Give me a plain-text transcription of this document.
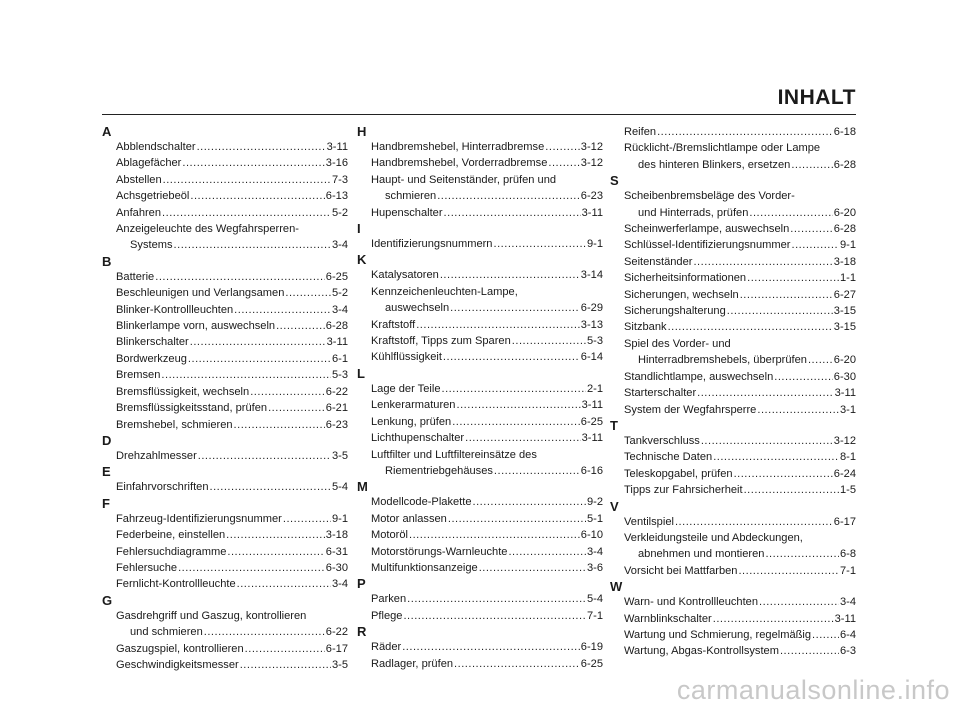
INHALT
A
Abblendschalter .....	3-11
Ablagefächer .....	3-16
Abstellen .....	7-3
Achsgetriebeöl .....	6-13
Anfahren .....	5-2
Anzeigeleuchte des Wegfahrsperren-
Systems .....	3-4
B
Batterie .....	6-25
Beschleunigen und Verlangsamen .....	5-2
Blinker-Kontrollleuchten .....	3-4
Blinkerlampe vorn, auswechseln .....	6-28
Blinkerschalter .....	3-11
Bordwerkzeug .....	6-1
Bremsen .....	5-3
Bremsflüssigkeit, wechseln .....	6-22
Bremsflüssigkeitsstand, prüfen .....	6-21
Bremshebel, schmieren .....	6-23
D
Drehzahlmesser .....	3-5
E
Einfahrvorschriften .....	5-4
F
Fahrzeug-Identifizierungsnummer .....	9-1
Federbeine, einstellen .....	3-18
Fehlersuchdiagramme .....	6-31
Fehlersuche .....	6-30
Fernlicht-Kontrollleuchte .....	3-4
G
Gasdrehgriff und Gaszug, kontrollieren
und schmieren .....	6-22
Gaszugspiel, kontrollieren .....	6-17
Geschwindigkeitsmesser .....	3-5
H
Handbremshebel, Hinterradbremse .....	3-12
Handbremshebel, Vorderradbremse .....	3-12
Haupt- und Seitenständer, prüfen und
schmieren .....	6-23
Hupenschalter .....	3-11
I
Identifizierungsnummern .....	9-1
K
Katalysatoren .....	3-14
Kennzeichenleuchten-Lampe,
auswechseln .....	6-29
Kraftstoff .....	3-13
Kraftstoff, Tipps zum Sparen .....	5-3
Kühlflüssigkeit .....	6-14
L
Lage der Teile .....	2-1
Lenkerarmaturen .....	3-11
Lenkung, prüfen .....	6-25
Lichthupenschalter .....	3-11
Luftfilter und Luftfiltereinsätze des
Riementriebgehäuses .....	6-16
M
Modellcode-Plakette .....	9-2
Motor anlassen .....	5-1
Motoröl .....	6-10
Motorstörungs-Warnleuchte .....	3-4
Multifunktionsanzeige .....	3-6
P
Parken .....	5-4
Pflege .....	7-1
R
Räder .....	6-19
Radlager, prüfen .....	6-25
Reifen .....	6-18
Rücklicht-/Bremslichtlampe oder Lampe
des hinteren Blinkers, ersetzen .....	6-28
S
Scheibenbremsbeläge des Vorder-
und Hinterrads, prüfen .....	6-20
Scheinwerferlampe, auswechseln .....	6-28
Schlüssel-Identifizierungsnummer .....	9-1
Seitenständer .....	3-18
Sicherheitsinformationen .....	1-1
Sicherungen, wechseln .....	6-27
Sicherungshalterung .....	3-15
Sitzbank .....	3-15
Spiel des Vorder- und
Hinterradbremshebels, überprüfen ..... 6-20
Standlichtlampe, auswechseln .....	6-30
Starterschalter .....	3-11
System der Wegfahrsperre .....	3-1
T
Tankverschluss .....	3-12
Technische Daten .....	8-1
Teleskopgabel, prüfen .....	6-24
Tipps zur Fahrsicherheit .....	1-5
V
Ventilspiel .....	6-17
Verkleidungsteile und Abdeckungen,
abnehmen und montieren .....	6-8
Vorsicht bei Mattfarben .....	7-1
W
Warn- und Kontrollleuchten .....	3-4
Warnblinkschalter .....	3-11
Wartung und Schmierung, regelmäßig .....	6-4
Wartung, Abgas-Kontrollsystem .....	6-3
carmanualsonline.info
